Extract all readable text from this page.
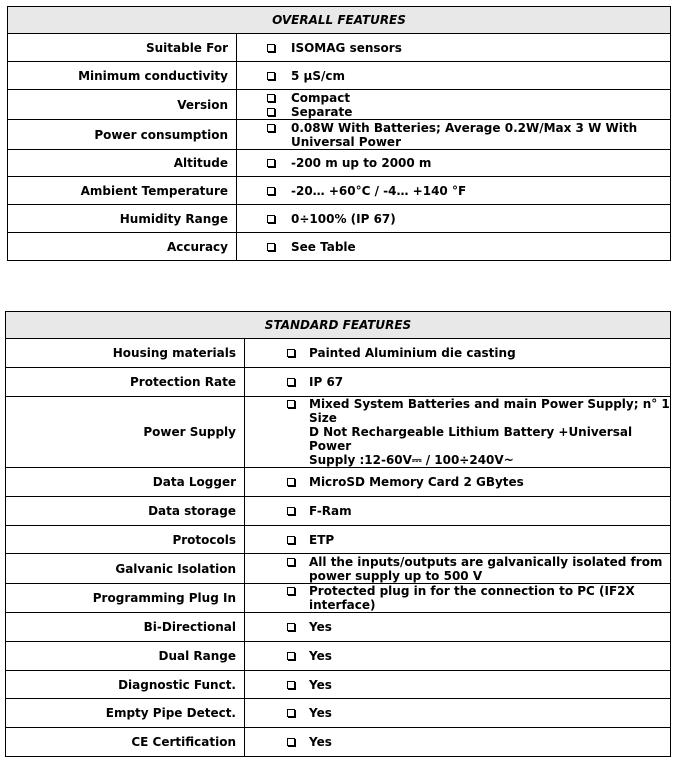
OVERALL FEATURES	
Suitable For	ISOMAG sensors

Minimum conductivity	5 µS/cm

Version	Compact
Separate

Power consumption	0.08W With Batteries; Average 0.2W/Max 3 W With
Universal Power

Altitude	-200 m up to 2000 m

Ambient Temperature	-20… +60°C / -4… +140 °F

Humidity Range	0÷100% (IP 67)

Accuracy	See Table
STANDARD FEATURES	
Housing materials	Painted Aluminium die casting

Protection Rate	IP 67

Power Supply	Mixed System Batteries and main Power Supply; n° 1 Size
D Not Rechargeable Lithium Battery +Universal Power
Supply :12-60V⎓ / 100÷240V~

Data Logger	MicroSD Memory Card 2 GBytes

Data storage	F-Ram

Protocols	ETP

Galvanic Isolation	All the inputs/outputs are galvanically isolated from
power supply up to 500 V

Programming Plug In	Protected plug in for the connection to PC (IF2X interface)

Bi-Directional	Yes

Dual Range	Yes

Diagnostic Funct.	Yes

Empty Pipe Detect.	Yes

CE Certification	Yes
